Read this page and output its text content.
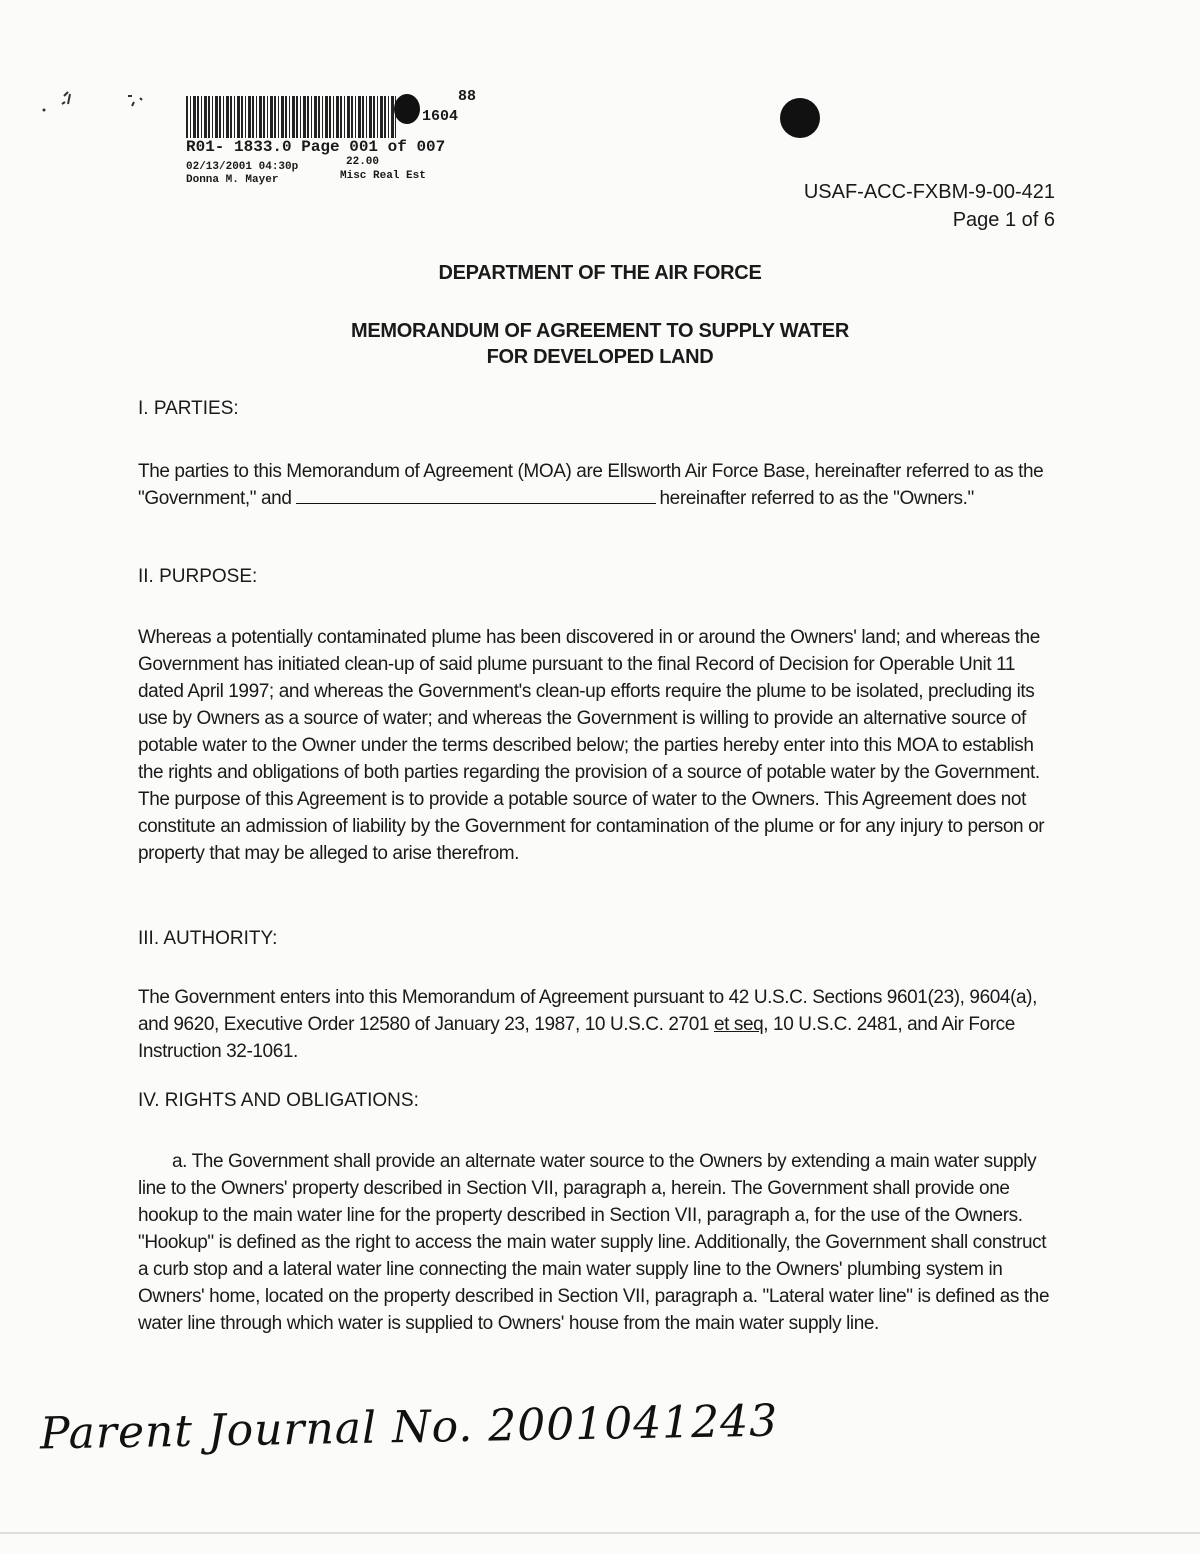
88
1604
R01- 1833.0 Page 001 of 007
02/13/2001 04:30p	22.00
Donna M. Mayer	Misc Real Est
USAF-ACC-FXBM-9-00-421
Page 1 of 6
DEPARTMENT OF THE AIR FORCE
MEMORANDUM OF AGREEMENT TO SUPPLY WATER
FOR DEVELOPED LAND
I. PARTIES:
The parties to this Memorandum of Agreement (MOA) are Ellsworth Air Force Base, hereinafter referred to as the "Government," and	hereinafter referred to as the "Owners."
II. PURPOSE:
Whereas a potentially contaminated plume has been discovered in or around the Owners' land; and whereas the Government has initiated clean-up of said plume pursuant to the final Record of Decision for Operable Unit 11 dated April 1997; and whereas the Government's clean-up efforts require the plume to be isolated, precluding its use by Owners as a source of water; and whereas the Government is willing to provide an alternative source of potable water to the Owner under the terms described below; the parties hereby enter into this MOA to establish the rights and obligations of both parties regarding the provision of a source of potable water by the Government. The purpose of this Agreement is to provide a potable source of water to the Owners. This Agreement does not constitute an admission of liability by the Government for contamination of the plume or for any injury to person or property that may be alleged to arise therefrom.
III. AUTHORITY:
The Government enters into this Memorandum of Agreement pursuant to 42 U.S.C. Sections 9601(23), 9604(a), and 9620, Executive Order 12580 of January 23, 1987, 10 U.S.C. 2701 et seq, 10 U.S.C. 2481, and Air Force Instruction 32-1061.
IV. RIGHTS AND OBLIGATIONS:
a. The Government shall provide an alternate water source to the Owners by extending a main water supply line to the Owners' property described in Section VII, paragraph a, herein. The Government shall provide one hookup to the main water line for the property described in Section VII, paragraph a, for the use of the Owners. "Hookup" is defined as the right to access the main water supply line. Additionally, the Government shall construct a curb stop and a lateral water line connecting the main water supply line to the Owners' plumbing system in Owners' home, located on the property described in Section VII, paragraph a. "Lateral water line" is defined as the water line through which water is supplied to Owners' house from the main water supply line.
Parent Journal No. 2001041243
